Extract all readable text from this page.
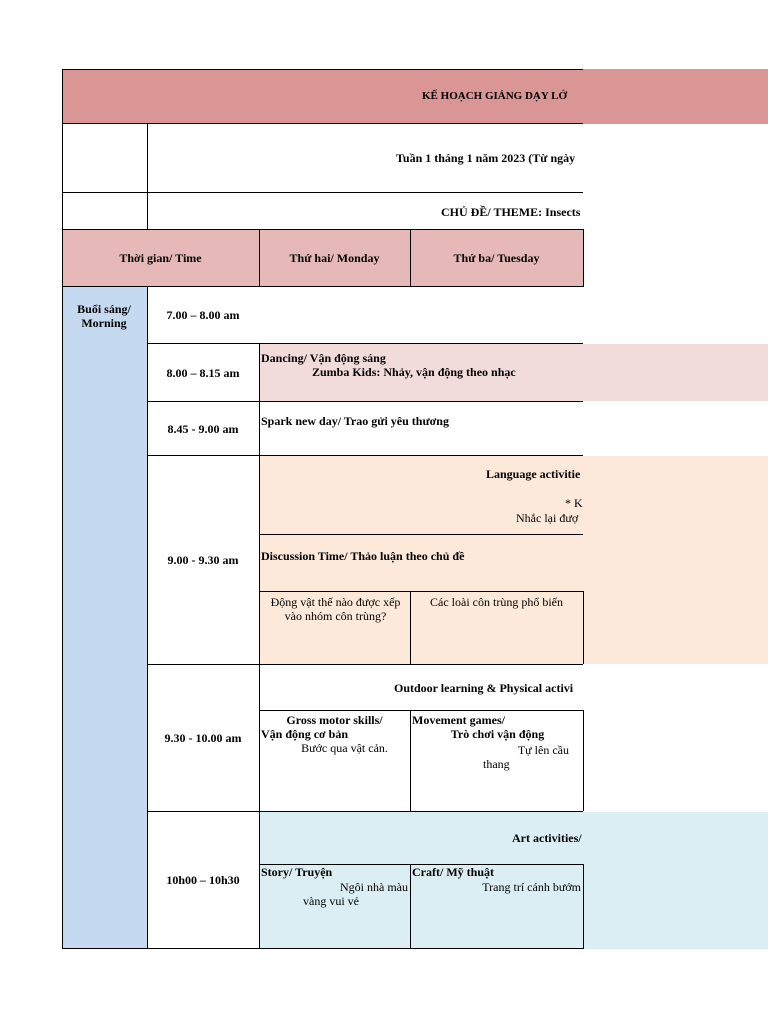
KẾ HOẠCH GIẢNG DẠY LỚ
Tuần 1 tháng 1 năm 2023 (Từ ngày
CHỦ ĐỀ/ THEME: Insects
Thời gian/ Time	Thứ hai/ Monday	Thứ ba/ Tuesday
Buổi sáng/ Morning
7.00 – 8.00 am
8.00 – 8.15 am
8.45 - 9.00 am
9.00 - 9.30 am
9.30 - 10.00 am
10h00 – 10h30
Dancing/ Vận động sáng
Zumba Kids: Nhảy, vận động theo nhạc
Spark new day/ Trao gửi yêu thương
Language activitie
* K
Nhắc lại đượ
Discussion Time/ Thảo luận theo chủ đề
Động vật thế nào được xếp vào nhóm côn trùng?
Các loài côn trùng phổ biến
Outdoor learning & Physical activi
Gross motor skills/
Vận động cơ bản
Bước qua vật cản.
Movement games/
Trò chơi vận động
Tự lên cầu
thang
Art activities/
Story/ Truyện
Ngôi nhà màu
vàng vui vẻ
Craft/ Mỹ thuật
Trang trí cánh bướm
